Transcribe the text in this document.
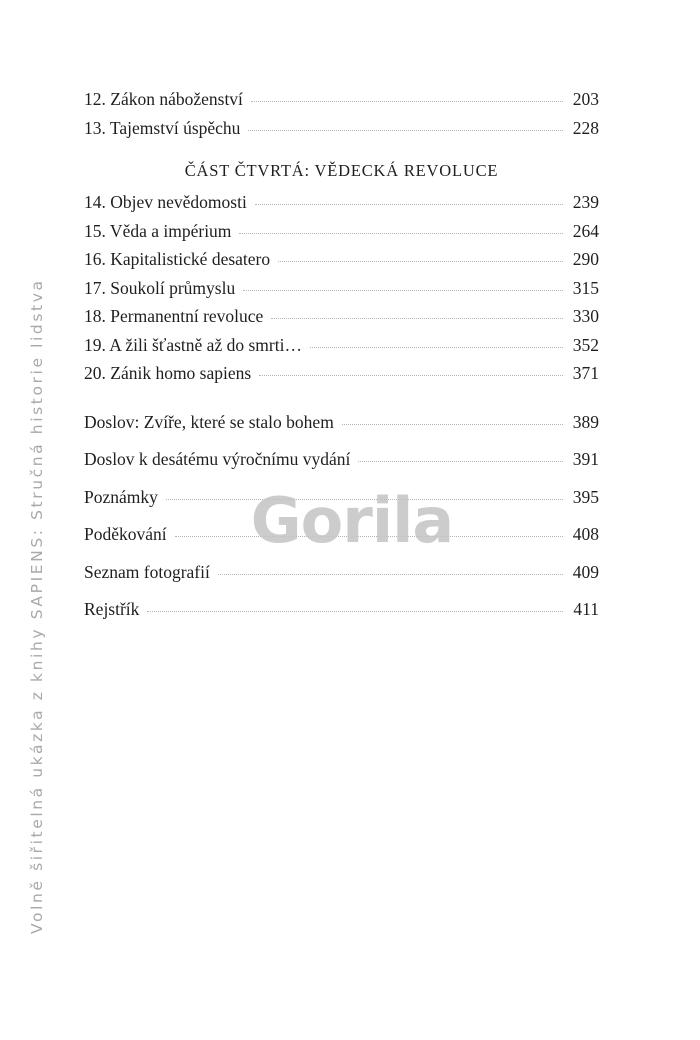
Volně šiřitelná ukázka z knihy SAPIENS: Stručná historie lidstva
12. Zákon náboženství	203
13. Tajemství úspěchu	228
ČÁST ČTVRTÁ: VĚDECKÁ REVOLUCE
14. Objev nevědomosti	239
15. Věda a impérium	264
16. Kapitalistické desatero	290
17. Soukolí průmyslu	315
18. Permanentní revoluce	330
19. A žili šťastně až do smrti…	352
20. Zánik homo sapiens	371
Doslov: Zvíře, které se stalo bohem	389
Doslov k desátému výročnímu vydání	391
Poznámky	395
Poděkování	408
Seznam fotografií	409
Rejstřík	411
Gorila
